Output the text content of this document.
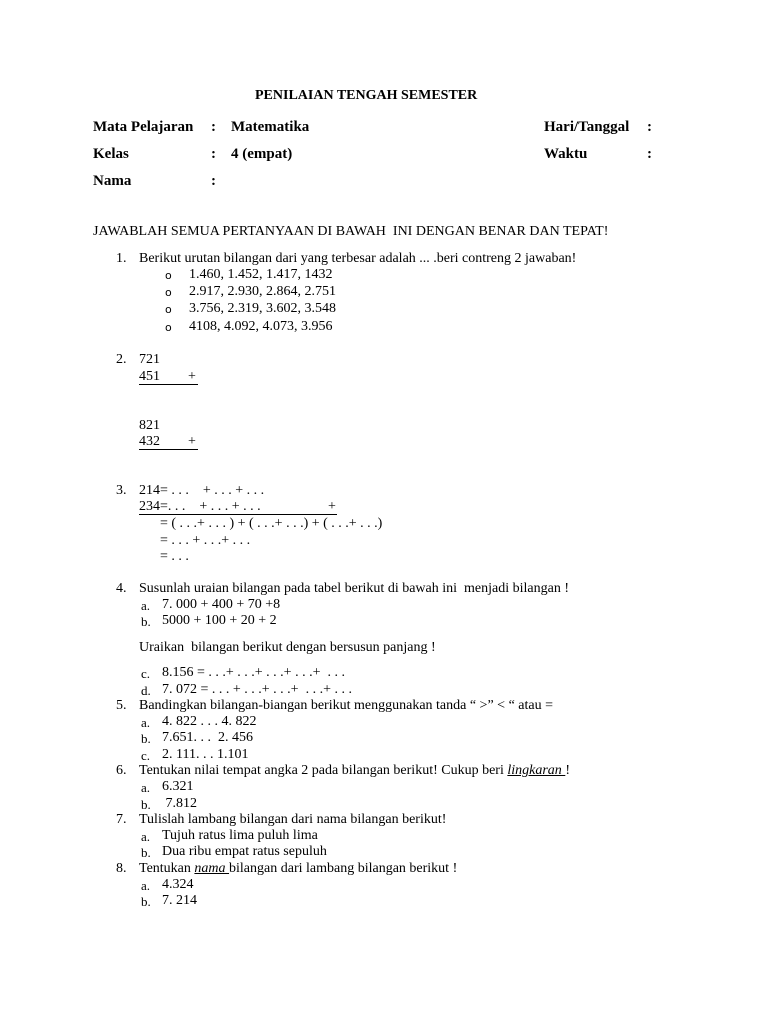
PENILAIAN TENGAH SEMESTER
Mata Pelajaran : Matematika	Hari/Tanggal :
Kelas	: 4 (empat)	Waktu	:
Nama	:
JAWABLAH SEMUA PERTANYAAN DI BAWAH  INI DENGAN BENAR DAN TEPAT!
1. Berikut urutan bilangan dari yang terbesar adalah ... .beri contreng 2 jawaban!
o 1.460, 1.452, 1.417, 1432
o 2.917, 2.930, 2.864, 2.751
o 3.756, 2.319, 3.602, 3.548
o 4108, 4.092, 4.073, 3.956
2. 721
451 +
821
432 +
3. 214= . . .    + . . . + . . .
234=. . .    + . . . + . . .	+
= ( . . .+ . . . ) + ( . . .+ . . .) + ( . . .+ . . .)
= . . . + . . .+ . . .
= . . .
4. Susunlah uraian bilangan pada tabel berikut di bawah ini  menjadi bilangan !
a. 7. 000 + 400 + 70 +8
b. 5000 + 100 + 20 + 2
Uraikan  bilangan berikut dengan bersusun panjang !
c. 8.156 = . . .+ . . .+ . . .+ . . .+  . . .
d. 7. 072 = . . . + . . .+ . . .+  . . .+ . . .
5. Bandingkan bilangan-biangan berikut menggunakan tanda “ >” < “ atau =
a. 4. 822 . . . 4. 822
b. 7.651. . .  2. 456
c. 2. 111. . . 1.101
6. Tentukan nilai tempat angka 2 pada bilangan berikut! Cukup beri lingkaran !
a. 6.321
b. 7.812
7. Tulislah lambang bilangan dari nama bilangan berikut!
a. Tujuh ratus lima puluh lima
b. Dua ribu empat ratus sepuluh
8. Tentukan nama bilangan dari lambang bilangan berikut !
a. 4.324
b. 7. 214
